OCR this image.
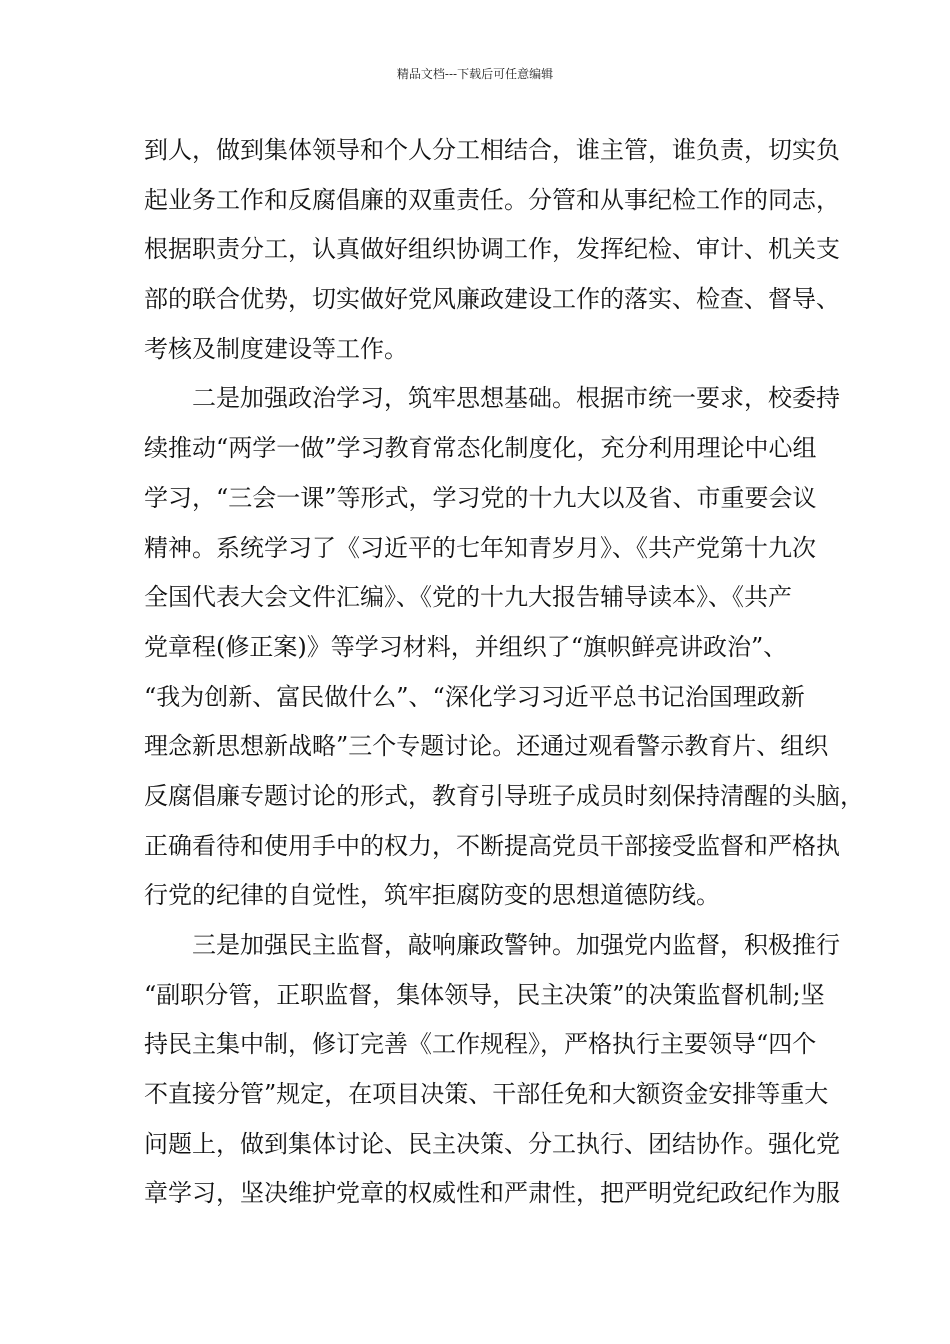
精品文档---下载后可任意编辑
到人，做到集体领导和个人分工相结合，谁主管，谁负责，切实负
起业务工作和反腐倡廉的双重责任。分管和从事纪检工作的同志，
根据职责分工，认真做好组织协调工作，发挥纪检、审计、机关支
部的联合优势，切实做好党风廉政建设工作的落实、检查、督导、
考核及制度建设等工作。
二是加强政治学习，筑牢思想基础。根据市统一要求，校委持
续推动“两学一做”学习教育常态化制度化，充分利用理论中心组
学习，“三会一课”等形式，学习党的十九大以及省、市重要会议
精神。系统学习了《习近平的七年知青岁月》、《共产党第十九次
全国代表大会文件汇编》、《党的十九大报告辅导读本》、《共产
党章程(修正案)》等学习材料，并组织了“旗帜鲜亮讲政治”、
“我为创新、富民做什么”、“深化学习习近平总书记治国理政新
理念新思想新战略”三个专题讨论。还通过观看警示教育片、组织
反腐倡廉专题讨论的形式，教育引导班子成员时刻保持清醒的头脑，
正确看待和使用手中的权力，不断提高党员干部接受监督和严格执
行党的纪律的自觉性，筑牢拒腐防变的思想道德防线。
三是加强民主监督，敲响廉政警钟。加强党内监督，积极推行
“副职分管，正职监督，集体领导，民主决策”的决策监督机制;坚
持民主集中制，修订完善《工作规程》，严格执行主要领导“四个
不直接分管”规定，在项目决策、干部任免和大额资金安排等重大
问题上，做到集体讨论、民主决策、分工执行、团结协作。强化党
章学习，坚决维护党章的权威性和严肃性，把严明党纪政纪作为服
